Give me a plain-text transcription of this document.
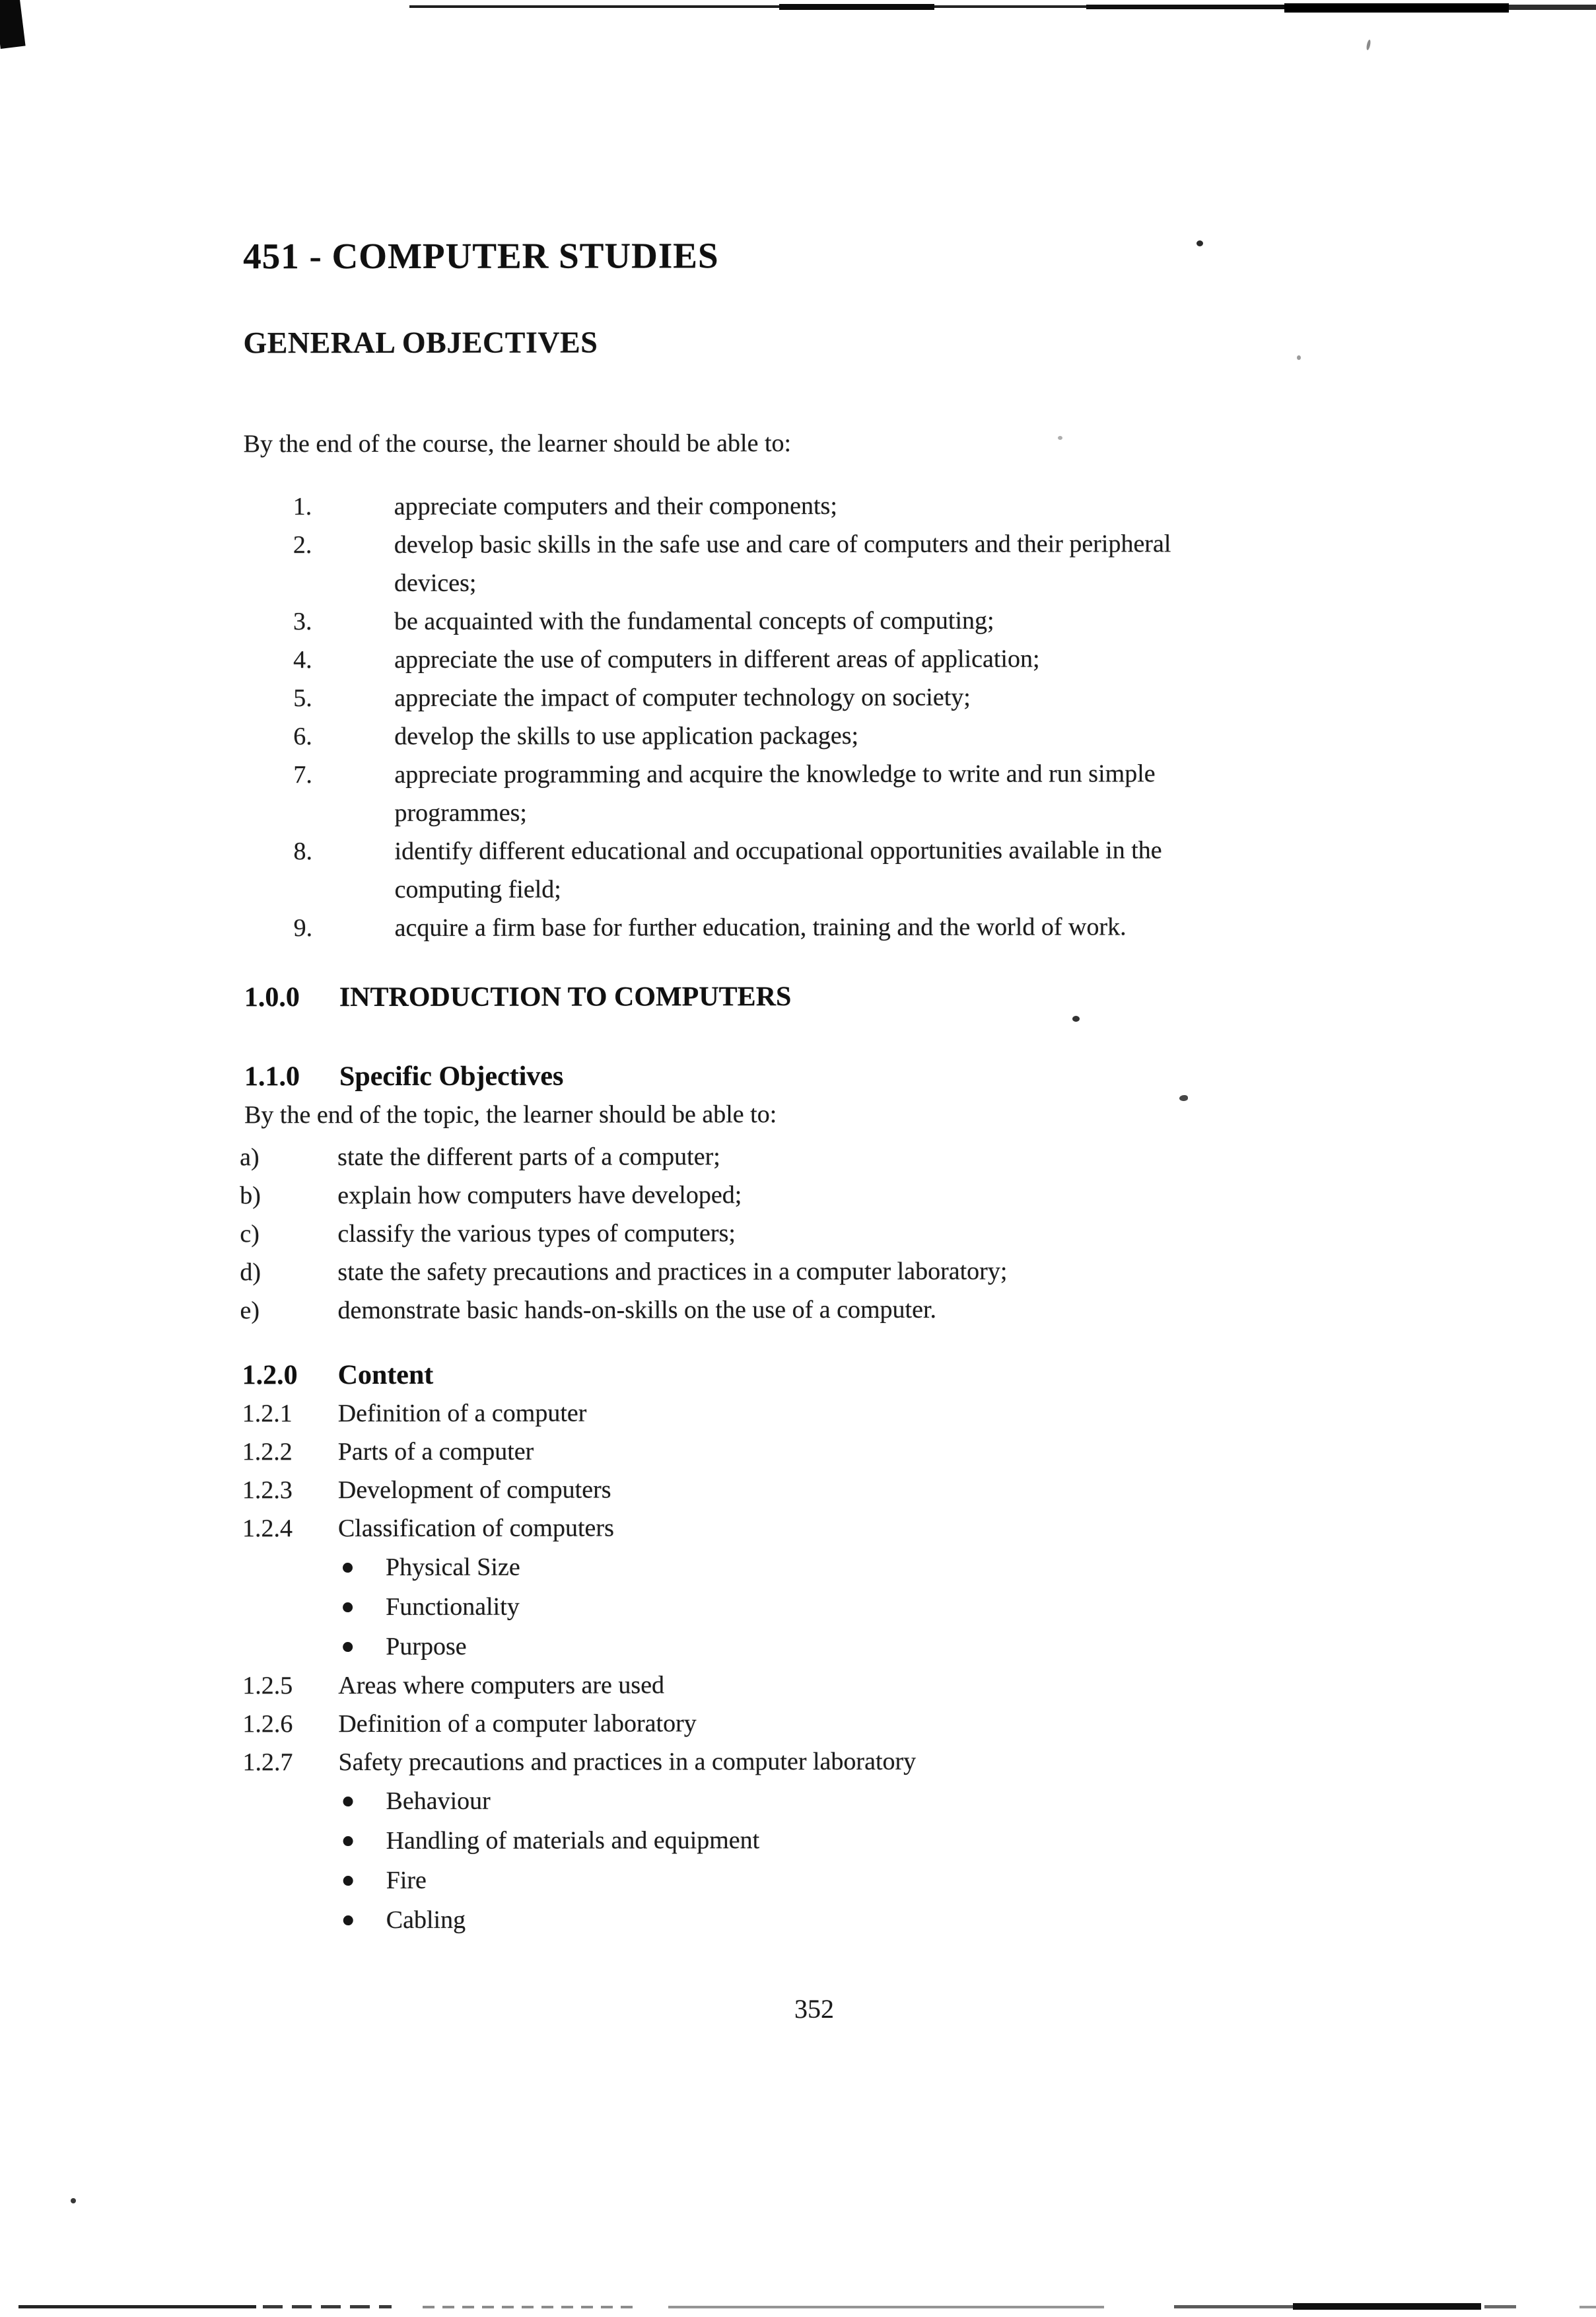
451 - COMPUTER STUDIES
GENERAL OBJECTIVES

By the end of the course, the learner should be able to:

1.	appreciate computers and their components;
2.	develop basic skills in the safe use and care of computers and their peripheral
devices;
3.	be acquainted with the fundamental concepts of computing;
4.	appreciate the use of computers in different areas of application;
5.	appreciate the impact of computer technology on society;
6.	develop the skills to use application packages;
7.	appreciate programming and acquire the knowledge to write and run simple
programmes;
8.	identify different educational and occupational opportunities available in the
computing field;
9.	acquire a firm base for further education, training and the world of work.
1.0.0	INTRODUCTION TO COMPUTERS
1.1.0	Specific Objectives

By the end of the topic, the learner should be able to:

a)	state the different parts of a computer;
b)	explain how computers have developed;
c)	classify the various types of computers;
d)	state the safety precautions and practices in a computer laboratory;
e)	demonstrate basic hands-on-skills on the use of a computer.
1.2.0	Content
1.2.1 Definition of a computer
1.2.2 Parts of a computer
1.2.3 Development of computers
1.2.4 Classification of computers
Physical Size
Functionality
Purpose
1.2.5 Areas where computers are used
1.2.6 Definition of a computer laboratory
1.2.7 Safety precautions and practices in a computer laboratory
Behaviour
Handling of materials and equipment
Fire
Cabling
352
